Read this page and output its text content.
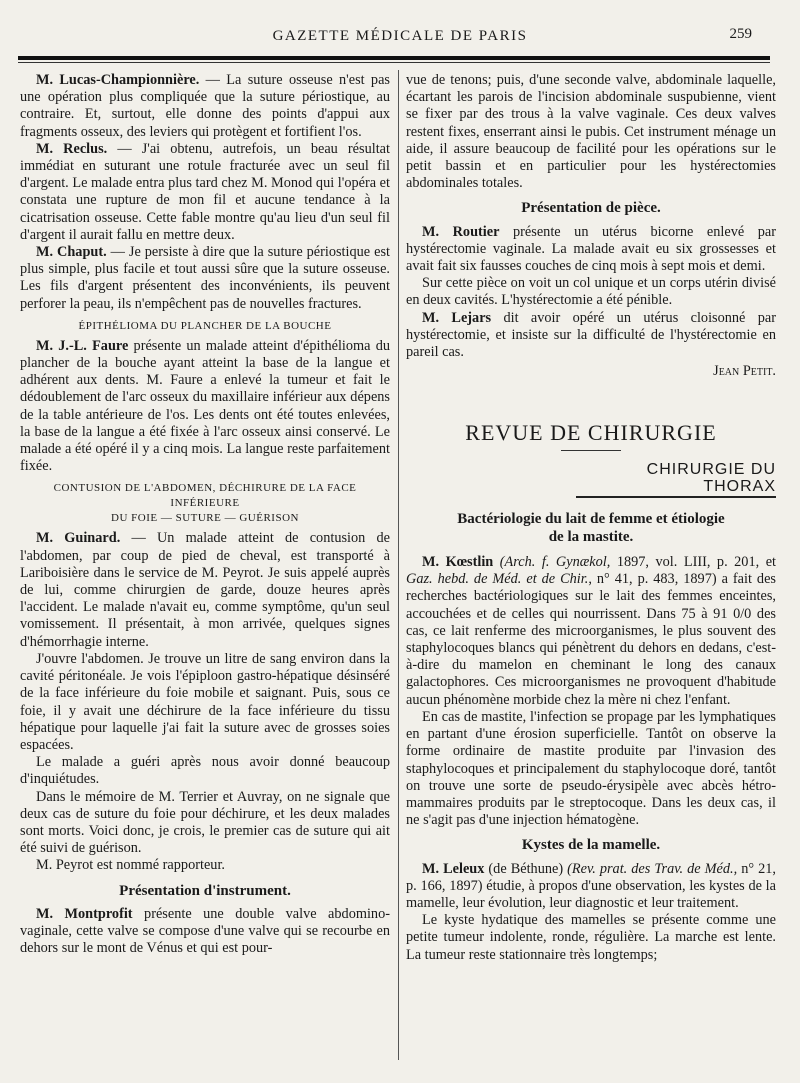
GAZETTE MÉDICALE DE PARIS	259

M. Lucas-Championnière. — La suture osseuse n'est pas une opération plus compliquée que la suture périostique, au contraire. Et, surtout, elle donne des points d'appui aux fragments osseux, des leviers qui protègent et fortifient l'os.

M. Reclus. — J'ai obtenu, autrefois, un beau résultat immédiat en suturant une rotule fracturée avec un seul fil d'argent. Le malade entra plus tard chez M. Monod qui l'opéra et constata une rupture de mon fil et aucune tendance à la cicatrisation osseuse. Cette fable montre qu'au lieu d'un seul fil d'argent il aurait fallu en mettre deux.

M. Chaput. — Je persiste à dire que la suture périostique est plus simple, plus facile et tout aussi sûre que la suture osseuse. Les fils d'argent présentent des inconvénients, ils peuvent perforer la peau, ils n'empêchent pas de nouvelles fractures.

ÉPITHÉLIOMA DU PLANCHER DE LA BOUCHE

M. J.-L. Faure présente un malade atteint d'épithélioma du plancher de la bouche ayant atteint la base de la langue et adhérent aux dents. M. Faure a enlevé la tumeur et fait le dédoublement de l'arc osseux du maxillaire inférieur aux dépens de la table antérieure de l'os. Les dents ont été toutes enlevées, la base de la langue a été fixée à l'arc osseux ainsi conservé. Le malade a été opéré il y a cinq mois. La langue reste parfaitement fixée.

CONTUSION DE L'ABDOMEN, DÉCHIRURE DE LA FACE INFÉRIEURE
DU FOIE — SUTURE — GUÉRISON

M. Guinard. — Un malade atteint de contusion de l'abdomen, par coup de pied de cheval, est transporté à Lariboisière dans le service de M. Peyrot. Je suis appelé auprès de lui, comme chirurgien de garde, douze heures après l'accident. Le malade n'avait eu, comme symptôme, qu'un seul vomissement. Il présentait, à mon arrivée, quelques signes d'hémorrhagie interne.

J'ouvre l'abdomen. Je trouve un litre de sang environ dans la cavité péritonéale. Je vois l'épiploon gastro-hépatique désinséré de la face inférieure du foie mobile et saignant. Puis, sous ce foie, il y avait une déchirure de la face inférieure du tissu hépatique pour laquelle j'ai fait la suture avec de grosses soies espacées.

Le malade a guéri après nous avoir donné beaucoup d'inquiétudes.

Dans le mémoire de M. Terrier et Auvray, on ne signale que deux cas de suture du foie pour déchirure, et les deux malades sont morts. Voici donc, je crois, le premier cas de suture qui ait été suivi de guérison.

M. Peyrot est nommé rapporteur.

Présentation d'instrument.

M. Montprofit présente une double valve abdomino-vaginale, cette valve se compose d'une valve qui se recourbe en dehors sur le mont de Vénus et qui est pour-

vue de tenons; puis, d'une seconde valve, abdominale laquelle, écartant les parois de l'incision abdominale suspubienne, vient se fixer par des trous à la valve vaginale. Ces deux valves restent fixes, enserrant ainsi le pubis. Cet instrument ménage un aide, il assure beaucoup de facilité pour les opérations sur le petit bassin et en particulier pour les hystérectomies abdominales totales.

Présentation de pièce.

M. Routier présente un utérus bicorne enlevé par hystérectomie vaginale. La malade avait eu six grossesses et avait fait six fausses couches de cinq mois à sept mois et demi.

Sur cette pièce on voit un col unique et un corps utérin divisé en deux cavités. L'hystérectomie a été pénible.

M. Lejars dit avoir opéré un utérus cloisonné par hystérectomie, et insiste sur la difficulté de l'hystérectomie en pareil cas.

Jean Petit.

REVUE DE CHIRURGIE
CHIRURGIE DU THORAX
Bactériologie du lait de femme et étiologie
de la mastite.

M. Kœstlin (Arch. f. Gynækol, 1897, vol. LIII, p. 201, et Gaz. hebd. de Méd. et de Chir., n° 41, p. 483, 1897) a fait des recherches bactériologiques sur le lait des femmes enceintes, accouchées et de celles qui nourrissent. Dans 75 à 91 0/0 des cas, ce lait renferme des microorganismes, le plus souvent des staphylocoques blancs qui pénètrent du dehors en dedans, c'est-à-dire du mamelon en cheminant le long des canaux galactophores. Ces microorganismes ne provoquent d'habitude aucun phénomène morbide chez la mère ni chez l'enfant.

En cas de mastite, l'infection se propage par les lymphatiques en partant d'une érosion superficielle. Tantôt on observe la forme ordinaire de mastite produite par l'invasion des staphylocoques et principalement du staphylocoque doré, tantôt on trouve une sorte de pseudo-érysipèle avec abcès hétro-mammaires produits par le streptocoque. Dans les deux cas, il ne s'agit pas d'une injection hématogène.

Kystes de la mamelle.

M. Leleux (de Béthune) (Rev. prat. des Trav. de Méd., n° 21, p. 166, 1897) étudie, à propos d'une observation, les kystes de la mamelle, leur évolution, leur diagnostic et leur traitement.

Le kyste hydatique des mamelles se présente comme une petite tumeur indolente, ronde, régulière. La marche est lente. La tumeur reste stationnaire très longtemps;
